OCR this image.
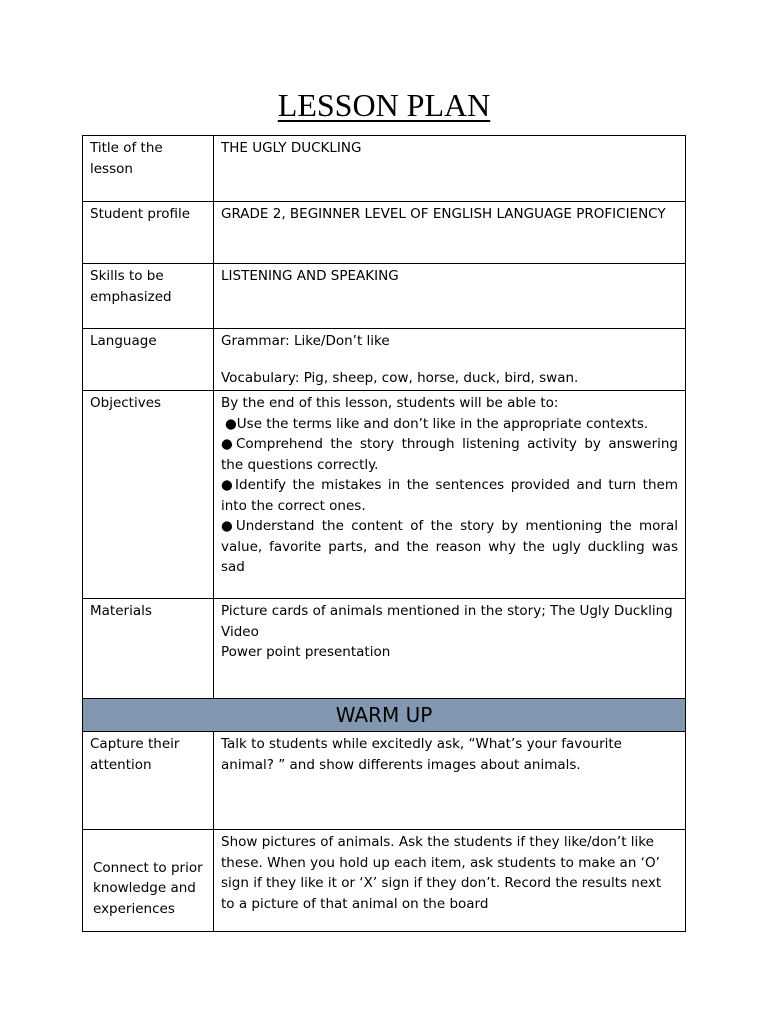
LESSON PLAN
Title of the lesson	THE UGLY DUCKLING
Student profile	GRADE 2, BEGINNER LEVEL OF ENGLISH LANGUAGE PROFICIENCY
Skills to be emphasized	LISTENING AND SPEAKING
Language	Grammar: Like/Don’t like

Vocabulary: Pig, sheep, cow, horse, duck, bird, swan.

Objectives	By the end of this lesson, students will be able to:

●Use the terms like and don’t like in the appropriate contexts.

●Comprehend the story through listening activity by answering the questions correctly.

●Identify the mistakes in the sentences provided and turn them into the correct ones.

●Understand the content of the story by mentioning the moral value, favorite parts, and the reason why the ugly duckling was sad

Materials	Picture cards of animals mentioned in the story; The Ugly Duckling

Video

Power point presentation

WARM UP	
Capture their attention	Talk to students while excitedly ask, “What’s your favourite animal? ” and show differents images about animals.

Connect to prior knowledge and experiences	Show pictures of animals. Ask the students if they like/don’t like these. When you hold up each item, ask students to make an ‘O’ sign if they like it or ‘X’ sign if they don’t. Record the results next to a picture of that animal on the board
